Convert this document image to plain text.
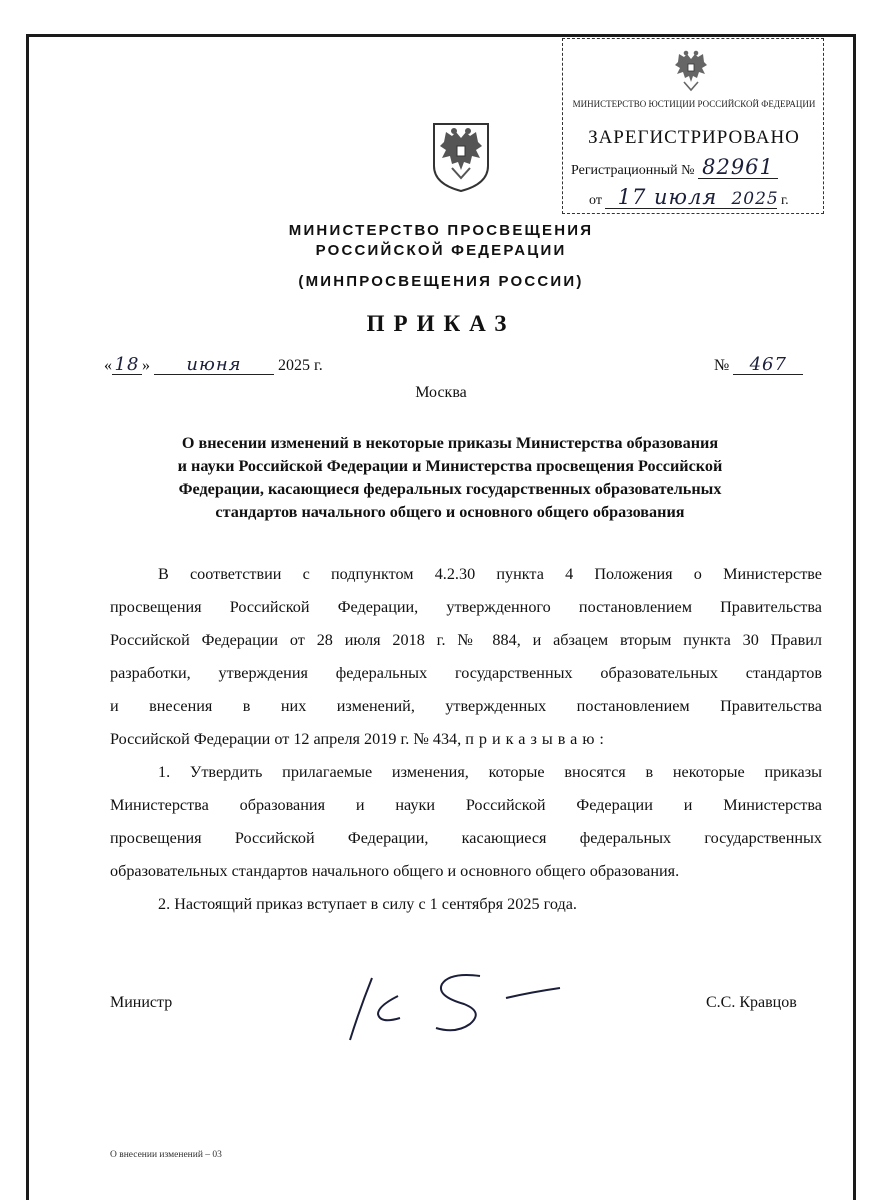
МИНИСТЕРСТВО ЮСТИЦИИ РОССИЙСКОЙ ФЕДЕРАЦИИ
ЗАРЕГИСТРИРОВАНО
Регистрационный № 82961
от 17 июля 2025 г.
МИНИСТЕРСТВО ПРОСВЕЩЕНИЯ
РОССИЙСКОЙ ФЕДЕРАЦИИ
(МИНПРОСВЕЩЕНИЯ РОССИИ)
ПРИКАЗ
« 18 » июня 2025 г.	№ 467
Москва
О внесении изменений в некоторые приказы Министерства образования
и науки Российской Федерации и Министерства просвещения Российской
Федерации, касающиеся федеральных государственных образовательных
стандартов начального общего и основного общего образования
В соответствии с подпунктом 4.2.30 пункта 4 Положения о Министерстве
просвещения Российской Федерации, утвержденного постановлением Правительства
Российской Федерации от 28 июля 2018 г. № 884, и абзацем вторым пункта 30 Правил
разработки, утверждения федеральных государственных образовательных стандартов
и внесения в них изменений, утвержденных постановлением Правительства
Российской Федерации от 12 апреля 2019 г. № 434, приказываю:
1. Утвердить прилагаемые изменения, которые вносятся в некоторые приказы
Министерства образования и науки Российской Федерации и Министерства
просвещения Российской Федерации, касающиеся федеральных государственных
образовательных стандартов начального общего и основного общего образования.
2. Настоящий приказ вступает в силу с 1 сентября 2025 года.
Министр	С.С. Кравцов
О внесении изменений – 03
